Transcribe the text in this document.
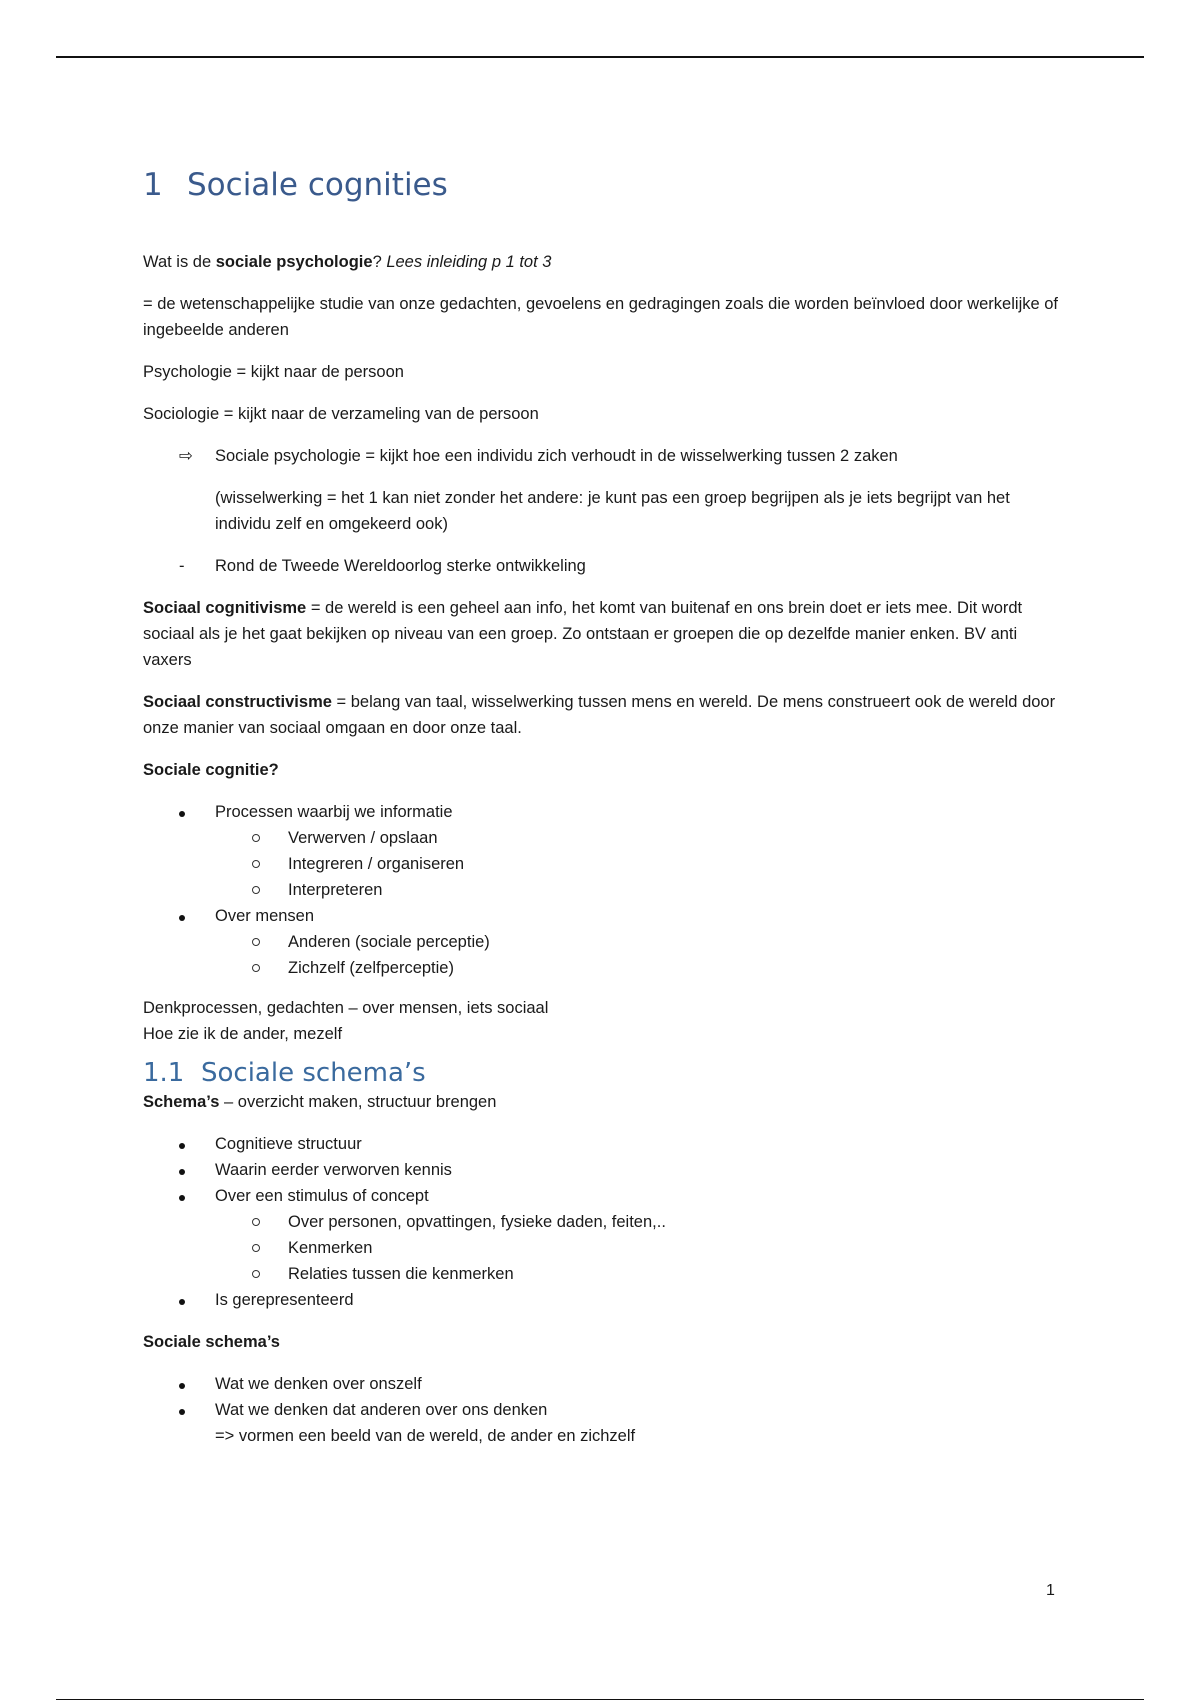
1 Sociale cognities

Wat is de sociale psychologie? Lees inleiding p 1 tot 3

= de wetenschappelijke studie van onze gedachten, gevoelens en gedragingen zoals die worden beïnvloed door werkelijke of ingebeelde anderen

Psychologie = kijkt naar de persoon

Sociologie = kijkt naar de verzameling van de persoon

⇨	Sociale psychologie = kijkt hoe een individu zich verhoudt in de wisselwerking tussen 2 zaken
(wisselwerking = het 1 kan niet zonder het andere: je kunt pas een groep begrijpen als je iets begrijpt van het individu zelf en omgekeerd ook)
-	Rond de Tweede Wereldoorlog sterke ontwikkeling

Sociaal cognitivisme = de wereld is een geheel aan info, het komt van buitenaf en ons brein doet er iets mee. Dit wordt sociaal als je het gaat bekijken op niveau van een groep. Zo ontstaan er groepen die op dezelfde manier enken. BV anti vaxers

Sociaal constructivisme = belang van taal, wisselwerking tussen mens en wereld. De mens construeert ook de wereld door onze manier van sociaal omgaan en door onze taal.

Sociale cognitie?

Processen waarbij we informatie
Verwerven / opslaan
Integreren / organiseren
Interpreteren
Over mensen
Anderen (sociale perceptie)
Zichzelf (zelfperceptie)

Denkprocessen, gedachten – over mensen, iets sociaal

Hoe zie ik de ander, mezelf

1.1 Sociale schema’s

Schema’s – overzicht maken, structuur brengen

Cognitieve structuur
Waarin eerder verworven kennis
Over een stimulus of concept
Over personen, opvattingen, fysieke daden, feiten,..
Kenmerken
Relaties tussen die kenmerken
Is gerepresenteerd

Sociale schema’s

Wat we denken over onszelf
Wat we denken dat anderen over ons denken
=> vormen een beeld van de wereld, de ander en zichzelf
1
